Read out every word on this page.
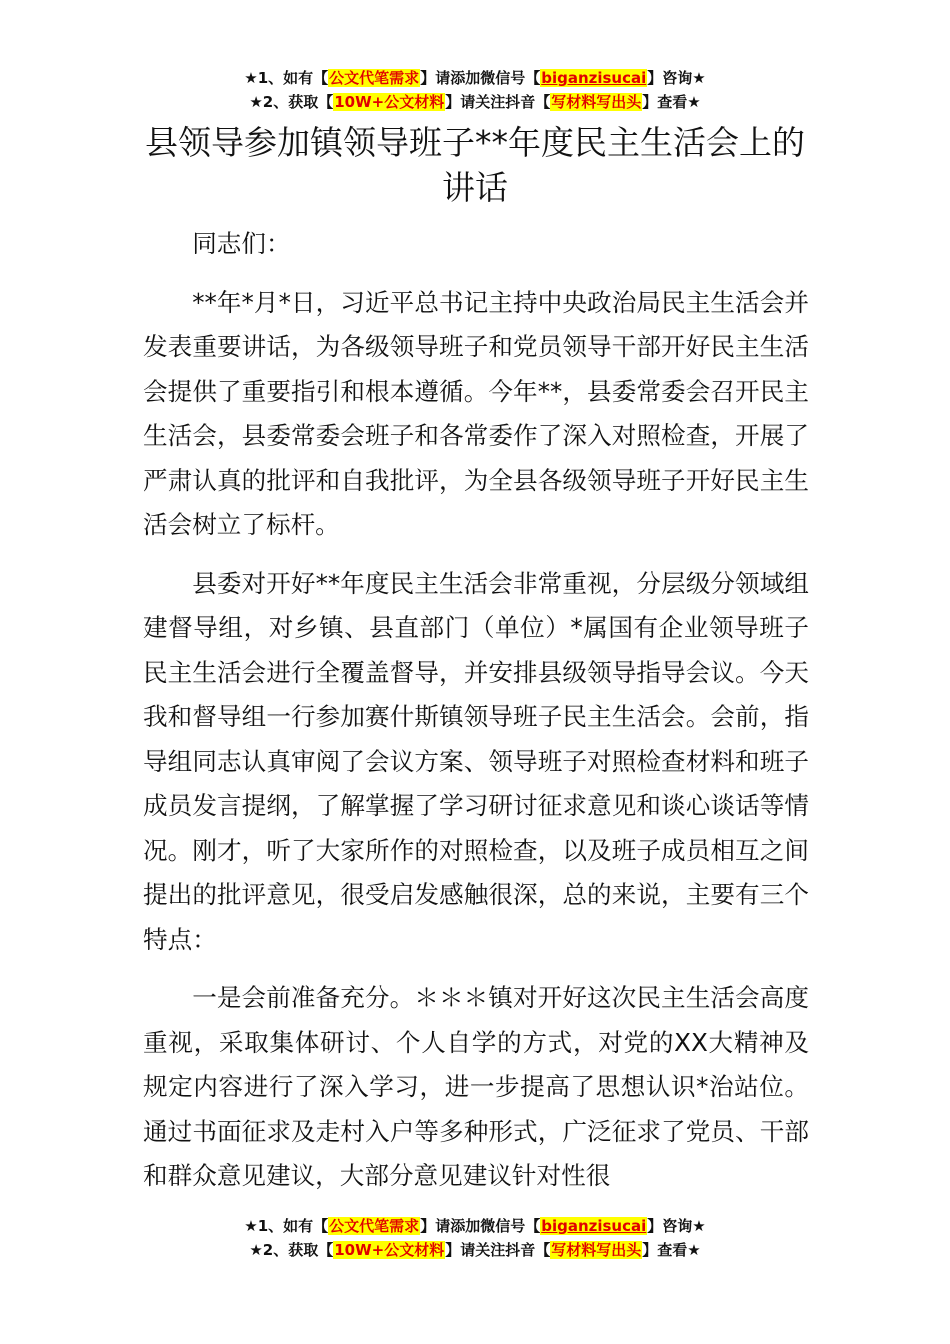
★1、如有【公文代笔需求】请添加微信号【biganzisucai】咨询★
★2、获取【10W+公文材料】请关注抖音【写材料写出头】查看★
县领导参加镇领导班子**年度民主生活会上的讲话

同志们：

**年*月*日，习近平总书记主持中央政治局民主生活会并发表重要讲话，为各级领导班子和党员领导干部开好民主生活会提供了重要指引和根本遵循。今年**，县委常委会召开民主生活会，县委常委会班子和各常委作了深入对照检查，开展了严肃认真的批评和自我批评，为全县各级领导班子开好民主生活会树立了标杆。

县委对开好**年度民主生活会非常重视，分层级分领域组建督导组，对乡镇、县直部门（单位）*属国有企业领导班子民主生活会进行全覆盖督导，并安排县级领导指导会议。今天我和督导组一行参加赛什斯镇领导班子民主生活会。会前，指导组同志认真审阅了会议方案、领导班子对照检查材料和班子成员发言提纲，了解掌握了学习研讨征求意见和谈心谈话等情况。刚才，听了大家所作的对照检查，以及班子成员相互之间提出的批评意见，很受启发感触很深，总的来说，主要有三个特点：

一是会前准备充分。＊＊＊镇对开好这次民主生活会高度重视，采取集体研讨、个人自学的方式，对党的XX大精神及规定内容进行了深入学习，进一步提高了思想认识*治站位。通过书面征求及走村入户等多种形式，广泛征求了党员、干部和群众意见建议，大部分意见建议针对性很

★1、如有【公文代笔需求】请添加微信号【biganzisucai】咨询★
★2、获取【10W+公文材料】请关注抖音【写材料写出头】查看★
